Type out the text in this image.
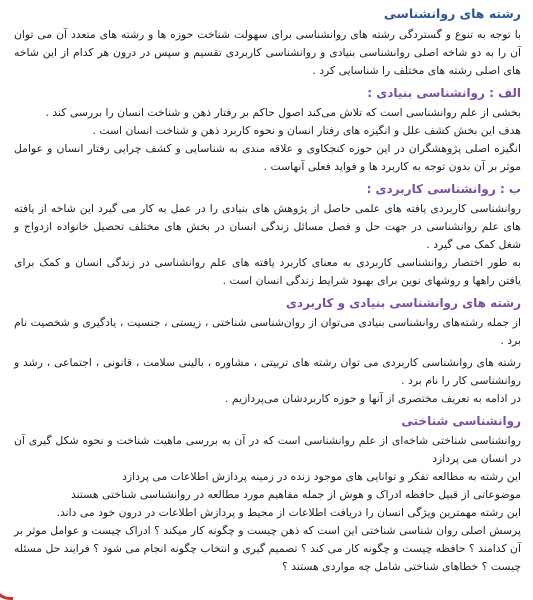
رشته های روانشناسی

با توجه به تنوع و گستردگی رشته های روانشناسی برای سهولت شناخت حوزه ها و رشته های متعدد آن می توان آن را به دو شاخه اصلی روانشناسی بنیادی و روانشناسی کاربردی تقسیم و سپس در درون هر کدام از این شاخه های اصلی رشته های مختلف را شناسایی کرد .

الف : روانشناسی بنیادی :

بخشی از علم روانشناسی است که تلاش می‌کند اصول حاکم بر رفتار ذهن و شناخت انسان را بررسی کند .

هدف این بخش کشف علل و انگیزه های رفتار انسان و نحوه کاربرد ذهن و شناخت انسان است .

انگیزه اصلی پژوهشگران در این حوزه کنجکاوی و علاقه مندی به شناسایی و کشف چرایی رفتار انسان و عوامل موثر بر آن بدون توجه به کاربرد ها و فواید فعلی آنهاست .

ب : روانشناسی کاربردی :

روانشناسی کاربردی یافته های علمی حاصل از پژوهش های بنیادی را در عمل به کار می گیرد این شاخه از یافته های علم روانشناسی در جهت حل و فصل مسائل زندگی انسان در بخش های مختلف تحصیل خانواده ازدواج و شغل کمک می گیرد .

به طور اختصار روانشناسی کاربردی به معنای کاربرد یافته های علم روانشناسی در زندگی انسان و کمک برای یافتن راهها و روشهای نوین برای بهبود شرایط زندگی انسان است .

رشته های روانشناسی بنیادی و کاربردی

از جمله رشته‌های روانشناسی بنیادی می‌توان از روان‌شناسی شناختی ، زیستی ، جنسیت ، یادگیری و شخصیت نام برد .

رشته های روانشناسی کاربردی می توان رشته های تربیتی ، مشاوره ، بالینی سلامت ، قانونی ، اجتماعی ، رشد و روانشناسی کار را نام برد .

در ادامه به تعریف مختصری از آنها و حوزه کاربردشان می‌پردازیم .

روانشناسی شناختی

روانشناسی شناختی شاخه‌ای از علم روانشناسی است که در آن به بررسی ماهیت شناخت و نحوه شکل گیری آن در انسان می پردازد

این رشته به مطالعه تفکر و توانایی های موجود زنده در زمینه پردازش اطلاعات می پردازد

موضوعاتی از قبیل حافظه ادراک و هوش از جمله مفاهیم مورد مطالعه در روانشناسی شناختی هستند

این رشته مهمترین ویژگی انسان را دریافت اطلاعات از محیط و پردازش اطلاعات در درون خود می داند.

پرسش اصلی روان شناسی شناختی این است که ذهن چیست و چگونه کار میکند ؟ ادراک چیست و عوامل موثر بر آن کدامند ؟ حافظه چیست و چگونه کار می کند ؟ تصمیم گیری و انتخاب چگونه انجام می شود ؟ فرایند حل مسئله چیست ؟ خطاهای شناختی شامل چه مواردی هستند ؟
